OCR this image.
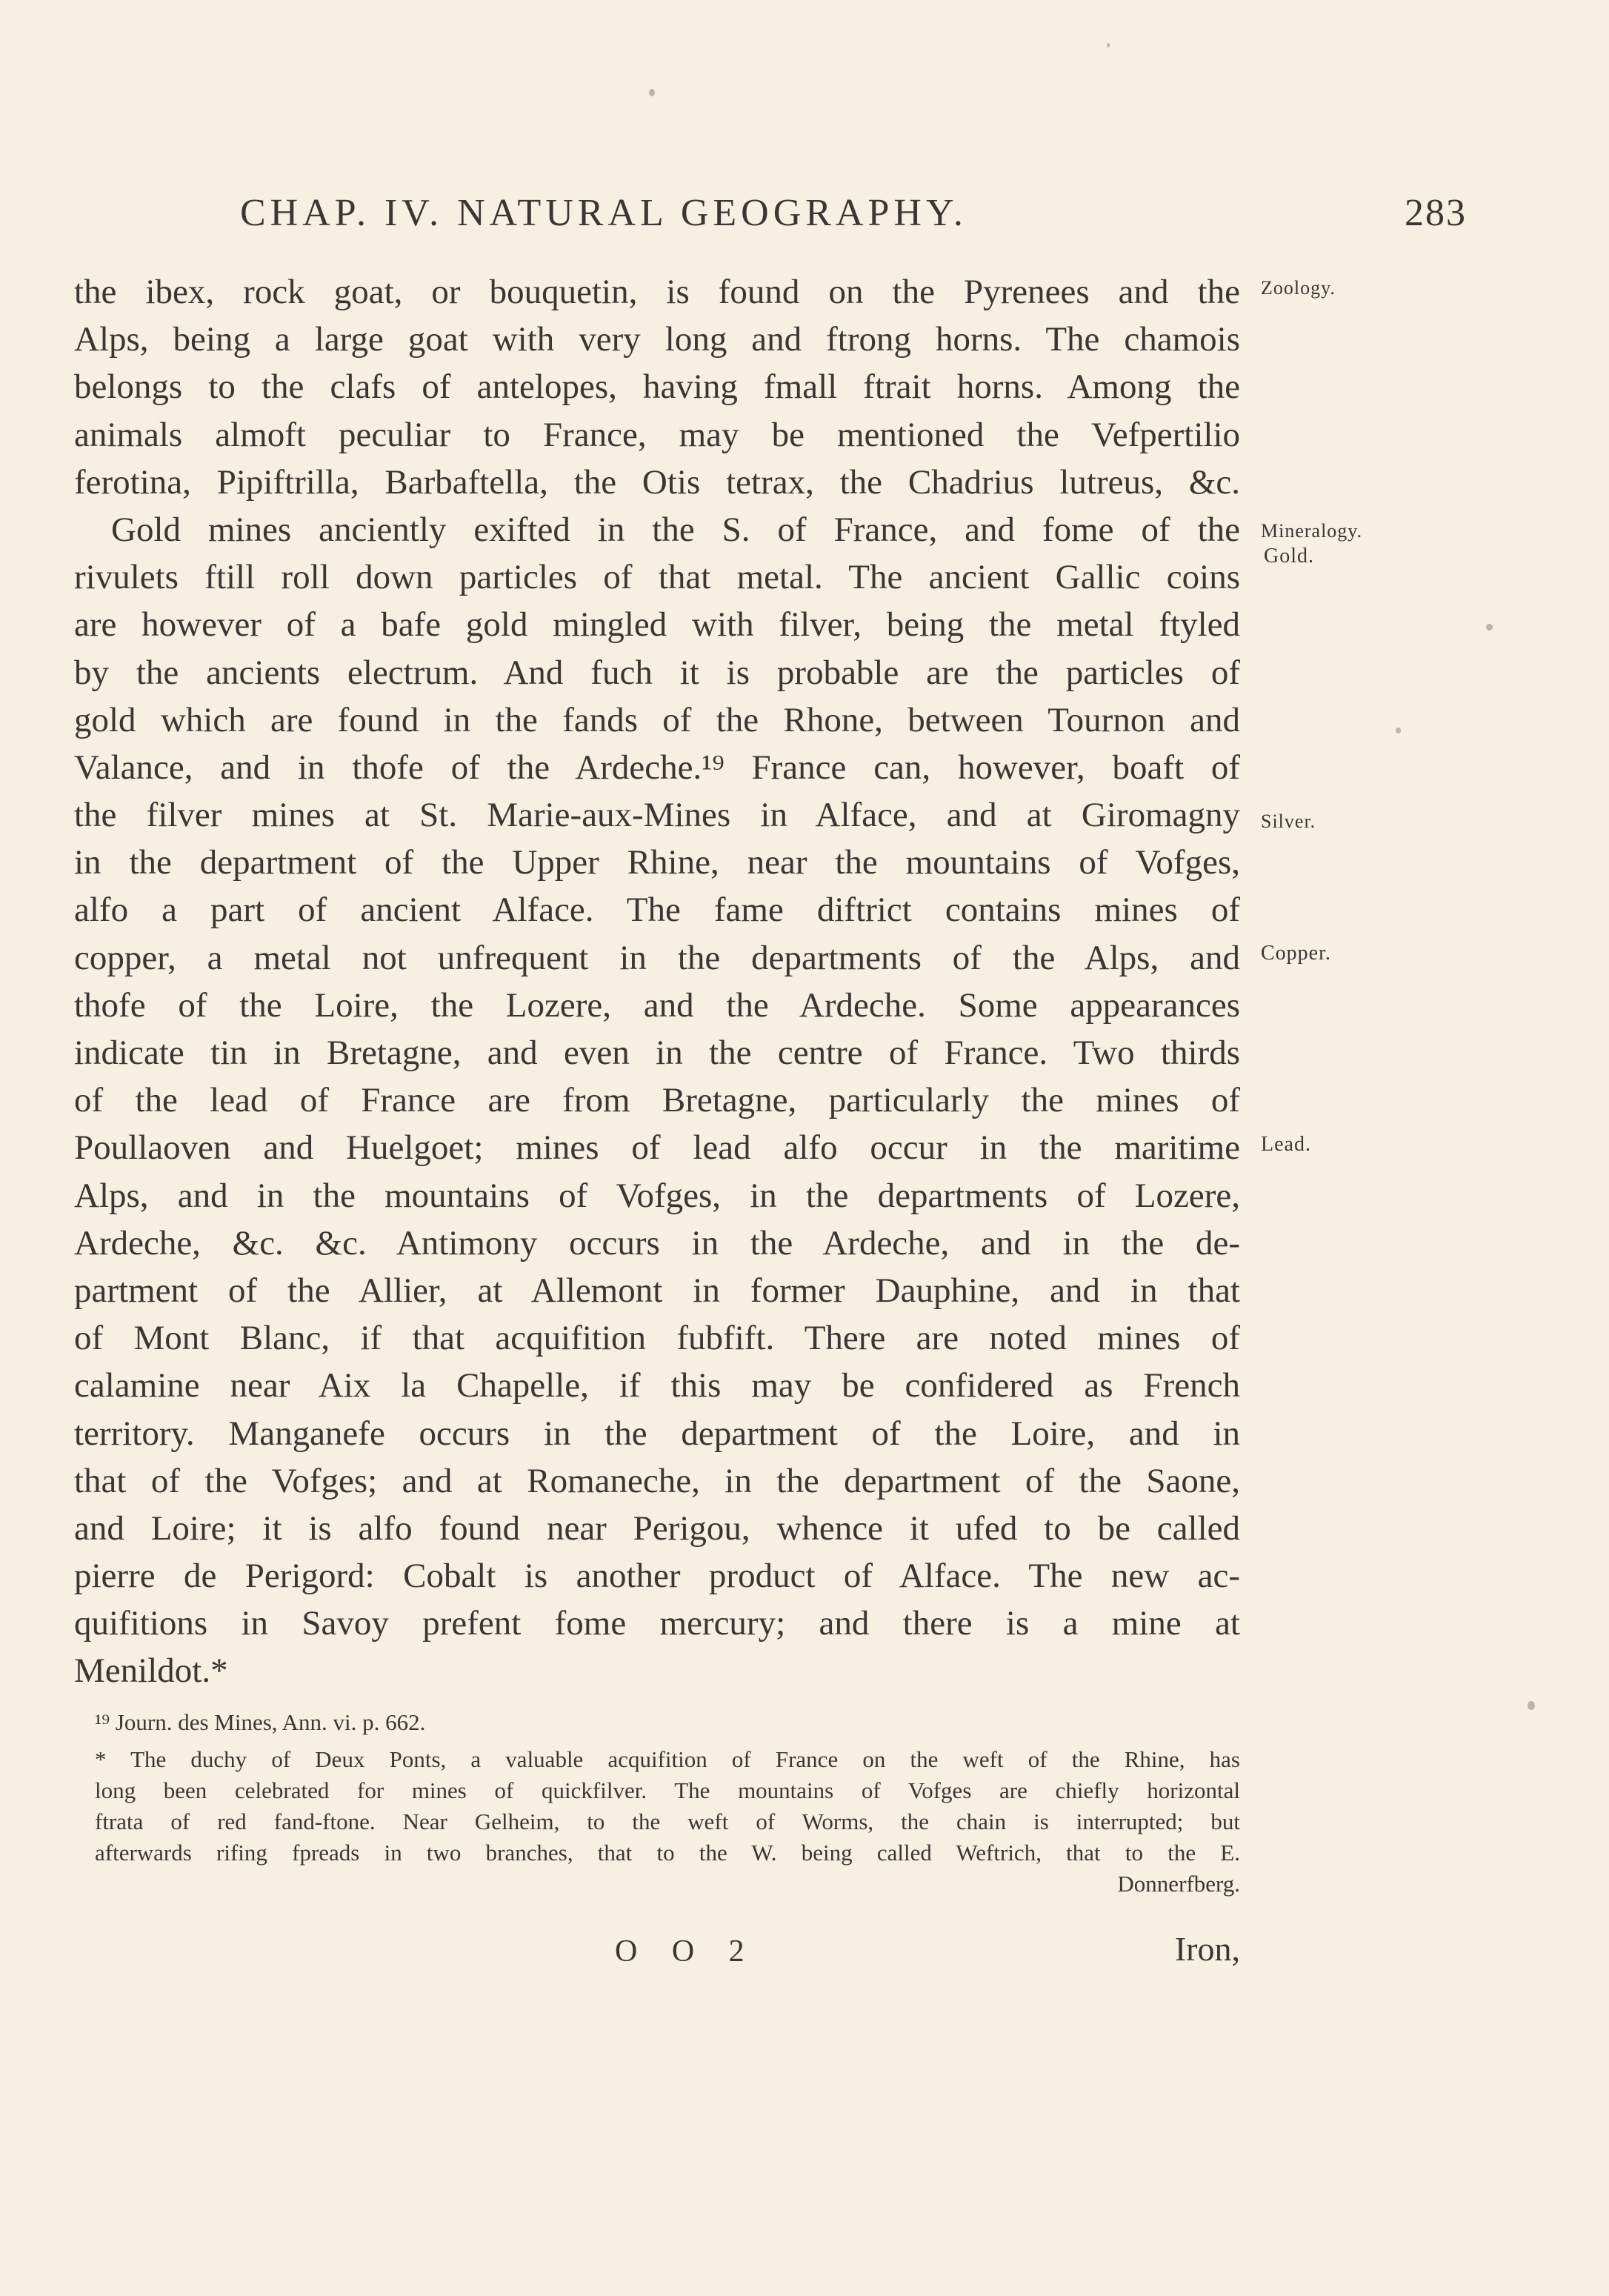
CHAP. IV. NATURAL GEOGRAPHY.	283
the ibex, rock goat, or bouquetin, is found on the Pyrenees and the
Alps, being a large goat with very long and ftrong horns. The chamois
belongs to the clafs of antelopes, having fmall ftrait horns. Among the
animals almoft peculiar to France, may be mentioned the Vefpertilio
ferotina, Pipiftrilla, Barbaftella, the Otis tetrax, the Chadrius lutreus, &c.
Gold mines anciently exifted in the S. of France, and fome of the
rivulets ftill roll down particles of that metal. The ancient Gallic coins
are however of a bafe gold mingled with filver, being the metal ftyled
by the ancients electrum. And fuch it is probable are the particles of
gold which are found in the fands of the Rhone, between Tournon and
Valance, and in thofe of the Ardeche.¹⁹ France can, however, boaft of
the filver mines at St. Marie-aux-Mines in Alface, and at Giromagny
in the department of the Upper Rhine, near the mountains of Vofges,
alfo a part of ancient Alface. The fame diftrict contains mines of
copper, a metal not unfrequent in the departments of the Alps, and
thofe of the Loire, the Lozere, and the Ardeche. Some appearances
indicate tin in Bretagne, and even in the centre of France. Two thirds
of the lead of France are from Bretagne, particularly the mines of
Poullaoven and Huelgoet; mines of lead alfo occur in the maritime
Alps, and in the mountains of Vofges, in the departments of Lozere,
Ardeche, &c. &c. Antimony occurs in the Ardeche, and in the de-
partment of the Allier, at Allemont in former Dauphine, and in that
of Mont Blanc, if that acquifition fubfift. There are noted mines of
calamine near Aix la Chapelle, if this may be confidered as French
territory. Manganefe occurs in the department of the Loire, and in
that of the Vofges; and at Romaneche, in the department of the Saone,
and Loire; it is alfo found near Perigou, whence it ufed to be called
pierre de Perigord: Cobalt is another product of Alface. The new ac-
quifitions in Savoy prefent fome mercury; and there is a mine at
Menildot.*
Zoology.
Mineralogy.
Gold.
Silver.
Copper.
Lead.
¹⁹ Journ. des Mines, Ann. vi. p. 662.
* The duchy of Deux Ponts, a valuable acquifition of France on the weft of the Rhine, has
long been celebrated for mines of quickfilver. The mountains of Vofges are chiefly horizontal
ftrata of red fand-ftone. Near Gelheim, to the weft of Worms, the chain is interrupted; but
afterwards rifing fpreads in two branches, that to the W. being called Weftrich, that to the E.
Donnerfberg.
O O 2	Iron,
